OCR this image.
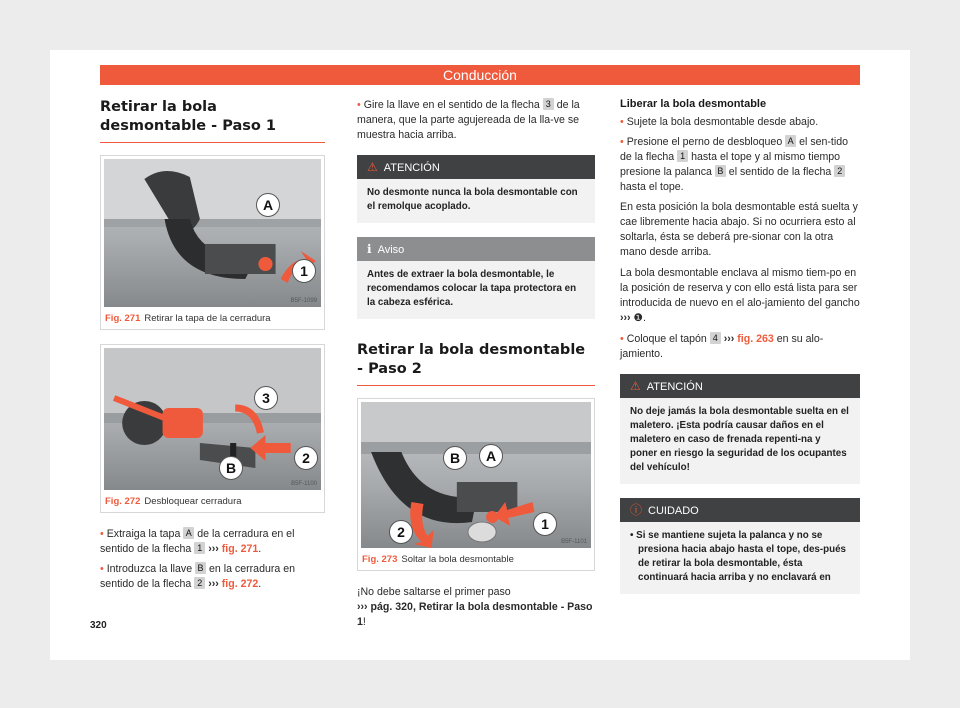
Conducción
Retirar la bola desmontable - Paso 1
A
1
B5F-1099
Fig. 271 Retirar la tapa de la cerradura
3
2
B
B5F-1100
Fig. 272 Desbloquear cerradura

• Extraiga la tapa A de la cerradura en el sentido de la flecha 1 ››› fig. 271.

• Introduzca la llave B en la cerradura en sentido de la flecha 2 ››› fig. 272.

• Gire la llave en el sentido de la flecha 3 de la manera, que la parte agujereada de la lla-ve se muestra hacia arriba.

⚠ ATENCIÓN
No desmonte nunca la bola desmontable con el remolque acoplado.
ℹ Aviso
Antes de extraer la bola desmontable, le recomendamos colocar la tapa protectora en la cabeza esférica.
Retirar la bola desmontable - Paso 2
B	A
1
2
B5F-1101
Fig. 273 Soltar la bola desmontable

¡No debe saltarse el primer paso
››› pág. 320, Retirar la bola desmontable - Paso 1!

Liberar la bola desmontable

• Sujete la bola desmontable desde abajo.

• Presione el perno de desbloqueo A el sen-tido de la flecha 1 hasta el tope y al mismo tiempo presione la palanca B el sentido de la flecha 2 hasta el tope.

En esta posición la bola desmontable está suelta y cae libremente hacia abajo. Si no ocurriera esto al soltarla, ésta se deberá pre-sionar con la otra mano desde arriba.

La bola desmontable enclava al mismo tiem-po en la posición de reserva y con ello está lista para ser introducida de nuevo en el alo-jamiento del gancho ››› ❶.

• Coloque el tapón 4 ››› fig. 263 en su alo-jamiento.

⚠ ATENCIÓN
No deje jamás la bola desmontable suelta en el maletero. ¡Esta podría causar daños en el maletero en caso de frenada repenti-na y poner en riesgo la seguridad de los ocupantes del vehículo!
ⓘ CUIDADO
• Si se mantiene sujeta la palanca y no se presiona hacia abajo hasta el tope, des-pués de retirar la bola desmontable, ésta continuará hacia arriba y no enclavará en
320
